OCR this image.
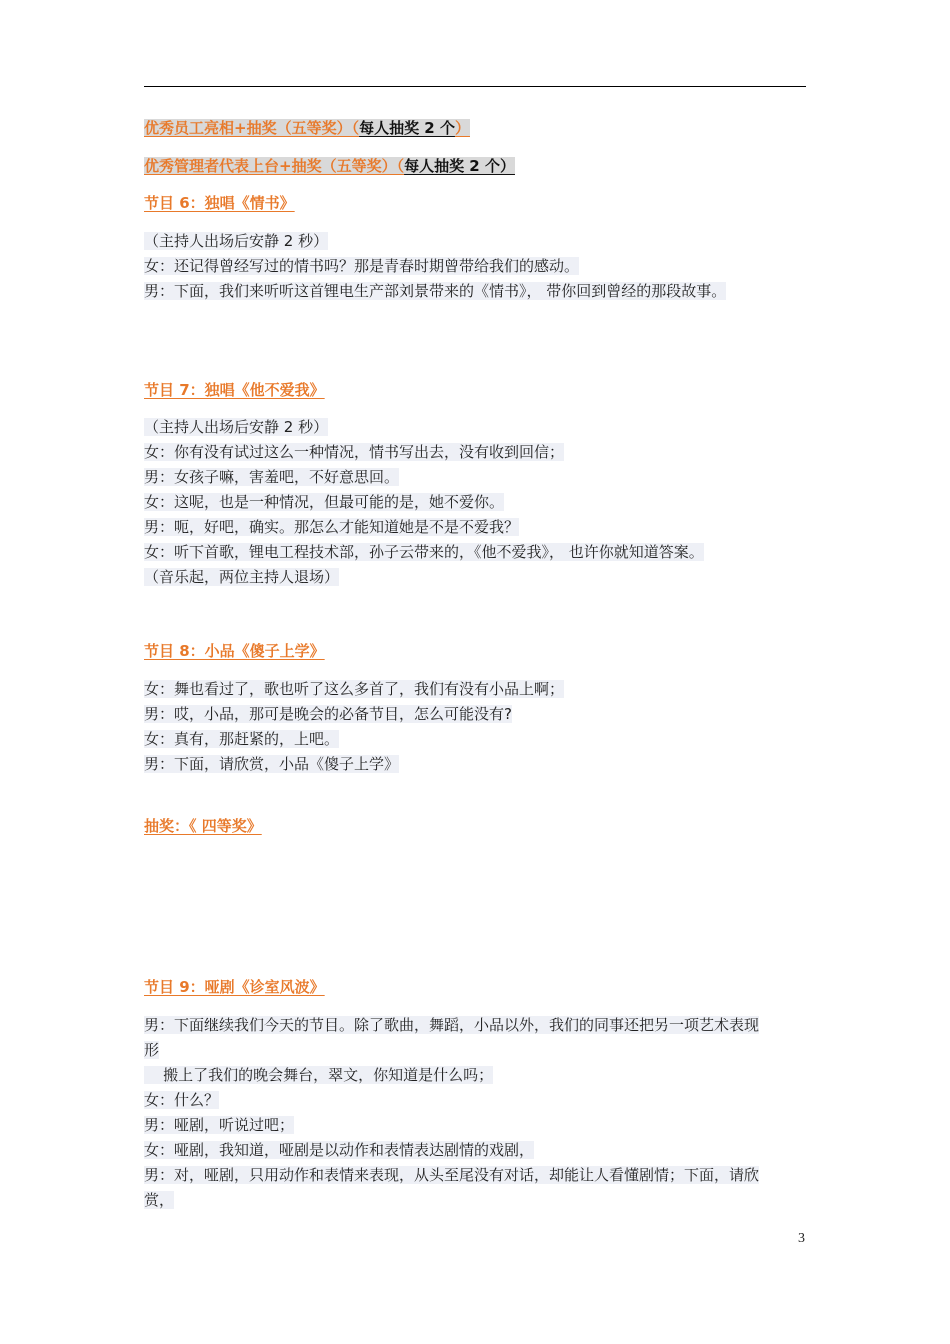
优秀员工亮相+抽奖（五等奖）（每人抽奖 2 个）
优秀管理者代表上台+抽奖（五等奖）（每人抽奖 2 个）
节目 6：独唱《情书》
（主持人出场后安静 2 秒）
女：还记得曾经写过的情书吗？那是青春时期曾带给我们的感动。
男：下面，我们来听听这首锂电生产部刘景带来的《情书》， 带你回到曾经的那段故事。
节目 7：独唱《他不爱我》
（主持人出场后安静 2 秒）
女：你有没有试过这么一种情况，情书写出去，没有收到回信；
男：女孩子嘛，害羞吧，不好意思回。
女：这呢，也是一种情况，但最可能的是，她不爱你。
男：呃，好吧，确实。那怎么才能知道她是不是不爱我？
女：听下首歌，锂电工程技术部，孙子云带来的，《他不爱我》， 也许你就知道答案。
（音乐起，两位主持人退场）
节目 8：小品《傻子上学》
女：舞也看过了，歌也听了这么多首了，我们有没有小品上啊；
男：哎，小品，那可是晚会的必备节目，怎么可能没有?
女：真有，那赶紧的，上吧。
男：下面，请欣赏，小品《傻子上学》
抽奖：《 四等奖》
节目 9：哑剧《诊室风波》
男：下面继续我们今天的节目。除了歌曲，舞蹈，小品以外，我们的同事还把另一项艺术表现
形
搬上了我们的晚会舞台，翠文，你知道是什么吗；
女：什么？
男：哑剧，听说过吧；
女：哑剧，我知道，哑剧是以动作和表情表达剧情的戏剧，
男：对，哑剧，只用动作和表情来表现，从头至尾没有对话，却能让人看懂剧情；下面，请欣
赏，
3
